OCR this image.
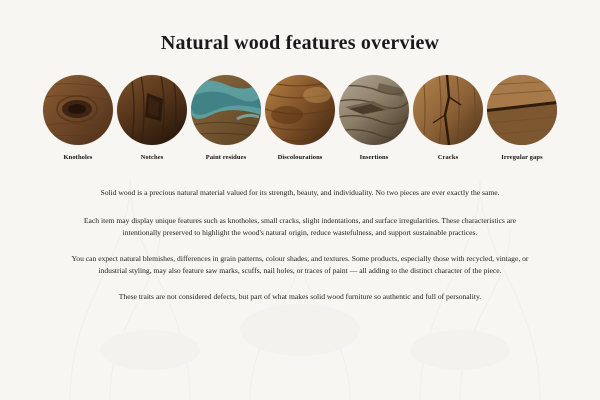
Natural wood features overview
Knotholes	Notches	Paint residues	Discolourations	Insertions	Cracks	Irregular gaps

Solid wood is a precious natural material valued for its strength, beauty, and individuality. No two pieces are ever exactly the same.

Each item may display unique features such as knotholes, small cracks, slight indentations, and surface irregularities. These characteristics are intentionally preserved to highlight the wood's natural origin, reduce wastefulness, and support sustainable practices.

You can expect natural blemishes, differences in grain patterns, colour shades, and textures. Some products, especially those with recycled, vintage, or industrial styling, may also feature saw marks, scuffs, nail holes, or traces of paint — all adding to the distinct character of the piece.

These traits are not considered defects, but part of what makes solid wood furniture so authentic and full of personality.
